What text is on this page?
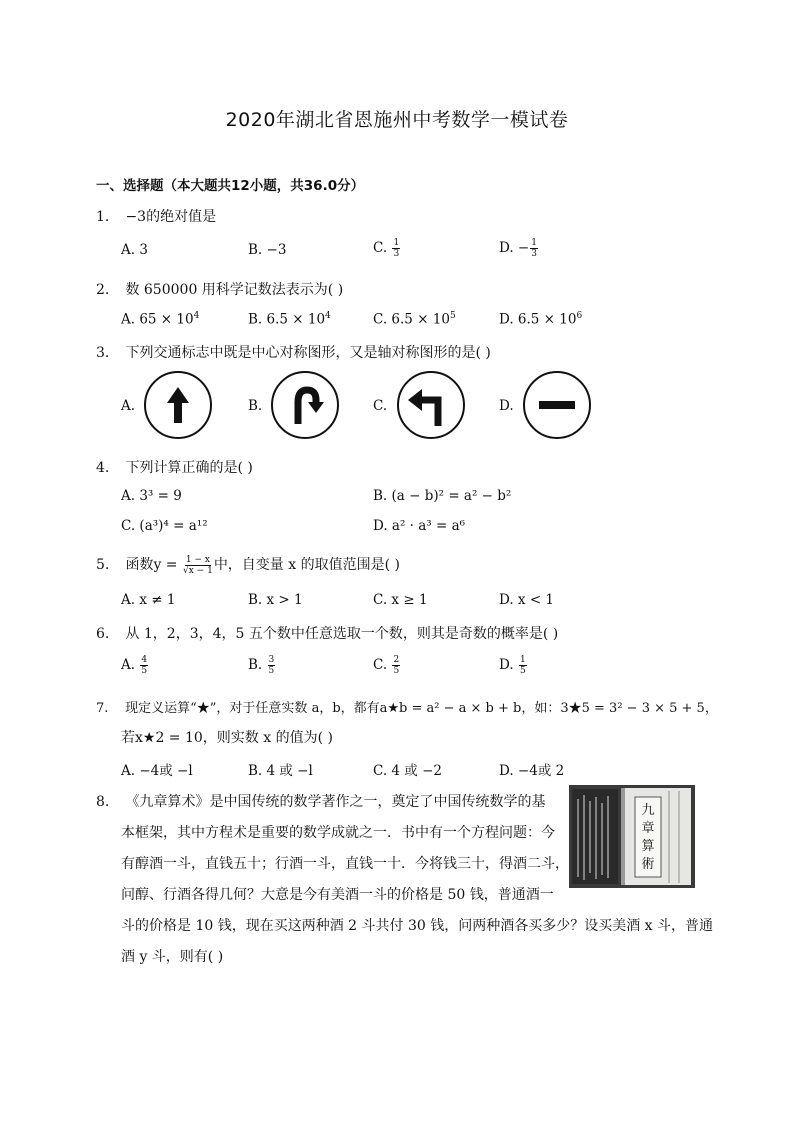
2020年湖北省恩施州中考数学一模试卷
一、选择题（本大题共12小题，共36.0分）
1. −3的绝对值是
A. 3	B. −3	C. $\frac{1}{3}$	D. − $\frac{1}{3}$
2. 数 650000 用科学记数法表示为( )
A. $65 \times 10^4$	B. $6.5 \times 10^4$	C. $6.5 \times 10^5$	D. $6.5 \times 10^6$
3. 下列交通标志中既是中心对称图形，又是轴对称图形的是( )
A.	B.	C.	D.
4. 下列计算正确的是( )
A. 3³ = 9	B. (a − b)² = a² − b²
C. (a³)⁴ = a¹²	D. a² · a³ = a⁶
5. 函数$y = \frac{1 - x}{√x - 1}$ 中，自变量 x 的取值范围是( )
A. x ≠ 1	B. x > 1	C. x ≥ 1	D. x < 1
6. 从 1，2，3，4，5 五个数中任意选取一个数，则其是奇数的概率是( )
A. $\frac{4}{5}$	B. $\frac{3}{5}$	C. $\frac{2}{5}$	D. $\frac{1}{5}$
7. 现定义运算“★”，对于任意实数 a，b，都有a★b = a² − a × b + b，如：3★5 = 3² − 3 × 5 + 5，
若x★2 = 10，则实数 x 的值为( )
A. −4或 −l	B. 4 或 −l	C. 4 或 −2	D. −4或 2
8. 《九章算术》是中国传统的数学著作之一，奠定了中国传统数学的基
本框架，其中方程术是重要的数学成就之一．书中有一个方程问题：今
有醇酒一斗，直钱五十；行酒一斗，直钱一十．今将钱三十，得酒二斗，
问醇、行酒各得几何？大意是今有美酒一斗的价格是 50 钱，普通酒一
斗的价格是 10 钱，现在买这两种酒 2 斗共付 30 钱，问两种酒各买多少？设买美酒 x 斗，普通
酒 y 斗，则有( )
九
章
算
術
